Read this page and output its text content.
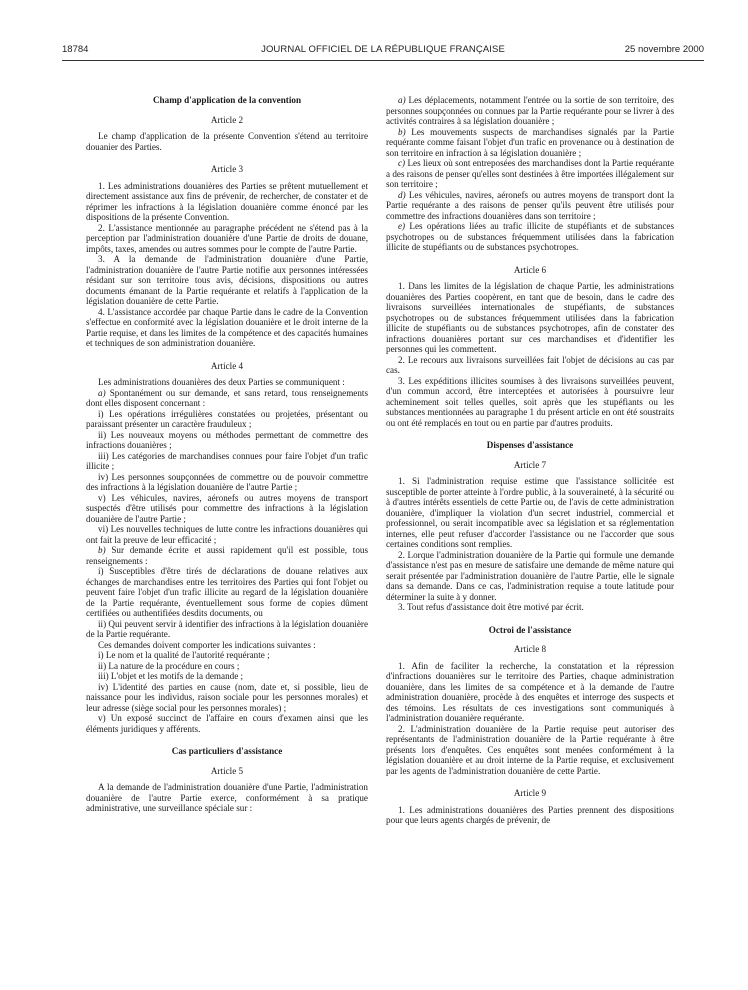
18784	JOURNAL OFFICIEL DE LA RÉPUBLIQUE FRANÇAISE	25 novembre 2000

Champ d'application de la convention

Article 2

Le champ d'application de la présente Convention s'étend au territoire douanier des Parties.

Article 3

1. Les administrations douanières des Parties se prêtent mutuellement et directement assistance aux fins de prévenir, de rechercher, de constater et de réprimer les infractions à la législation douanière comme énoncé par les dispositions de la présente Convention.

2. L'assistance mentionnée au paragraphe précédent ne s'étend pas à la perception par l'administration douanière d'une Partie de droits de douane, impôts, taxes, amendes ou autres sommes pour le compte de l'autre Partie.

3. A la demande de l'administration douanière d'une Partie, l'administration douanière de l'autre Partie notifie aux personnes intéressées résidant sur son territoire tous avis, décisions, dispositions ou autres documents émanant de la Partie requérante et relatifs à l'application de la législation douanière de cette Partie.

4. L'assistance accordée par chaque Partie dans le cadre de la Convention s'effectue en conformité avec la législation douanière et le droit interne de la Partie requise, et dans les limites de la compétence et des capacités humaines et techniques de son administration douanière.

Article 4

Les administrations douanières des deux Parties se communiquent :

a) Spontanément ou sur demande, et sans retard, tous renseignements dont elles disposent concernant :

i) Les opérations irrégulières constatées ou projetées, présentant ou paraissant présenter un caractère frauduleux ;

ii) Les nouveaux moyens ou méthodes permettant de commettre des infractions douanières ;

iii) Les catégories de marchandises connues pour faire l'objet d'un trafic illicite ;

iv) Les personnes soupçonnées de commettre ou de pouvoir commettre des infractions à la législation douanière de l'autre Partie ;

v) Les véhicules, navires, aéronefs ou autres moyens de transport suspectés d'être utilisés pour commettre des infractions à la législation douanière de l'autre Partie ;

vi) Les nouvelles techniques de lutte contre les infractions douanières qui ont fait la preuve de leur efficacité ;

b) Sur demande écrite et aussi rapidement qu'il est possible, tous renseignements :

i) Susceptibles d'être tirés de déclarations de douane relatives aux échanges de marchandises entre les territoires des Parties qui font l'objet ou peuvent faire l'objet d'un trafic illicite au regard de la législation douanière de la Partie requérante, éventuellement sous forme de copies dûment certifiées ou authentifiées desdits documents, ou

ii) Qui peuvent servir à identifier des infractions à la législation douanière de la Partie requérante.

Ces demandes doivent comporter les indications suivantes :

i) Le nom et la qualité de l'autorité requérante ;

ii) La nature de la procédure en cours ;

iii) L'objet et les motifs de la demande ;

iv) L'identité des parties en cause (nom, date et, si possible, lieu de naissance pour les individus, raison sociale pour les personnes morales) et leur adresse (siège social pour les personnes morales) ;

v) Un exposé succinct de l'affaire en cours d'examen ainsi que les éléments juridiques y afférents.

Cas particuliers d'assistance

Article 5

A la demande de l'administration douanière d'une Partie, l'administration douanière de l'autre Partie exerce, conformément à sa pratique administrative, une surveillance spéciale sur :

a) Les déplacements, notamment l'entrée ou la sortie de son territoire, des personnes soupçonnées ou connues par la Partie requérante pour se livrer à des activités contraires à sa législation douanière ;

b) Les mouvements suspects de marchandises signalés par la Partie requérante comme faisant l'objet d'un trafic en provenance ou à destination de son territoire en infraction à sa législation douanière ;

c) Les lieux où sont entreposées des marchandises dont la Partie requérante a des raisons de penser qu'elles sont destinées à être importées illégalement sur son territoire ;

d) Les véhicules, navires, aéronefs ou autres moyens de transport dont la Partie requérante a des raisons de penser qu'ils peuvent être utilisés pour commettre des infractions douanières dans son territoire ;

e) Les opérations liées au trafic illicite de stupéfiants et de substances psychotropes ou de substances fréquemment utilisées dans la fabrication illicite de stupéfiants ou de substances psychotropes.

Article 6

1. Dans les limites de la législation de chaque Partie, les administrations douanières des Parties coopèrent, en tant que de besoin, dans le cadre des livraisons surveillées internationales de stupéfiants, de substances psychotropes ou de substances fréquemment utilisées dans la fabrication illicite de stupéfiants ou de substances psychotropes, afin de constater des infractions douanières portant sur ces marchandises et d'identifier les personnes qui les commettent.

2. Le recours aux livraisons surveillées fait l'objet de décisions au cas par cas.

3. Les expéditions illicites soumises à des livraisons surveillées peuvent, d'un commun accord, être interceptées et autorisées à poursuivre leur acheminement soit telles quelles, soit après que les stupéfiants ou les substances mentionnées au paragraphe 1 du présent article en ont été soustraits ou ont été remplacés en tout ou en partie par d'autres produits.

Dispenses d'assistance

Article 7

1. Si l'administration requise estime que l'assistance sollicitée est susceptible de porter atteinte à l'ordre public, à la souveraineté, à la sécurité ou à d'autres intérêts essentiels de cette Partie ou, de l'avis de cette administration douanière, d'impliquer la violation d'un secret industriel, commercial et professionnel, ou serait incompatible avec sa législation et sa réglementation internes, elle peut refuser d'accorder l'assistance ou ne l'accorder que sous certaines conditions sont remplies.

2. Lorque l'administration douanière de la Partie qui formule une demande d'assistance n'est pas en mesure de satisfaire une demande de même nature qui serait présentée par l'administration douanière de l'autre Partie, elle le signale dans sa demande. Dans ce cas, l'administration requise a toute latitude pour déterminer la suite à y donner.

3. Tout refus d'assistance doit être motivé par écrit.

Octroi de l'assistance

Article 8

1. Afin de faciliter la recherche, la constatation et la répression d'infractions douanières sur le territoire des Parties, chaque administration douanière, dans les limites de sa compétence et à la demande de l'autre administration douanière, procède à des enquêtes et interroge des suspects et des témoins. Les résultats de ces investigations sont communiqués à l'administration douanière requérante.

2. L'administration douanière de la Partie requise peut autoriser des représentants de l'administration douanière de la Partie requérante à être présents lors d'enquêtes. Ces enquêtes sont menées conformément à la législation douanière et au droit interne de la Partie requise, et exclusivement par les agents de l'administration douanière de cette Partie.

Article 9

1. Les administrations douanières des Parties prennent des dispositions pour que leurs agents chargés de prévenir, de
